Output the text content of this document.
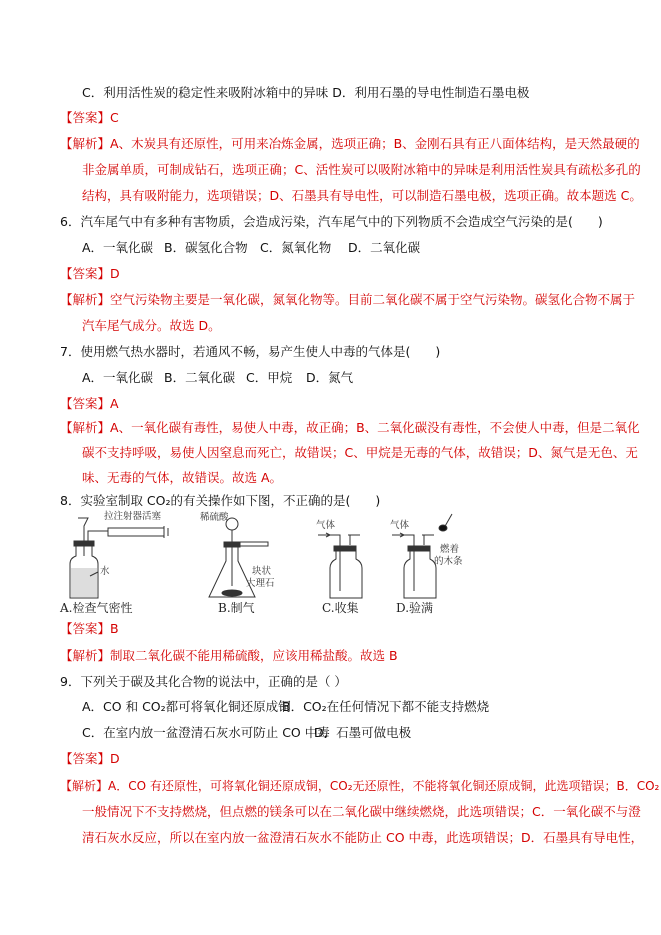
C．利用活性炭的稳定性来吸附冰箱中的异味 D．利用石墨的导电性制造石墨电极
【答案】C
【解析】A、木炭具有还原性，可用来冶炼金属，选项正确；B、金刚石具有正八面体结构，是天然最硬的
非金属单质，可制成钻石，选项正确；C、活性炭可以吸附冰箱中的异味是利用活性炭具有疏松多孔的
结构，具有吸附能力，选项错误；D、石墨具有导电性，可以制造石墨电极，选项正确。故本题选 C。
6．汽车尾气中有多种有害物质，会造成污染，汽车尾气中的下列物质不会造成空气污染的是(　　)
A．一氧化碳 B．碳氢化合物 C．氮氧化物 D．二氧化碳
【答案】D
【解析】空气污染物主要是一氧化碳，氮氧化物等。目前二氧化碳不属于空气污染物。碳氢化合物不属于
汽车尾气成分。故选 D。
7．使用燃气热水器时，若通风不畅，易产生使人中毒的气体是(　　)
A．一氧化碳 B．二氧化碳 C．甲烷 D．氮气
【答案】A
【解析】A、一氧化碳有毒性，易使人中毒，故正确；B、二氧化碳没有毒性，不会使人中毒，但是二氧化
碳不支持呼吸，易使人因窒息而死亡，故错误；C、甲烷是无毒的气体，故错误；D、氮气是无色、无
味、无毒的气体，故错误。故选 A。
8．实验室制取 CO₂的有关操作如下图，不正确的是(　　)
拉注射器活塞
水
A.检查气密性
稀硫酸
块状
大理石
B.制气
气体
C.收集
气体
燃着
的木条
D.验满
【答案】B
【解析】制取二氧化碳不能用稀硫酸，应该用稀盐酸。故选 B
9．下列关于碳及其化合物的说法中，正确的是（ ）
A．CO 和 CO₂都可将氧化铜还原成铜B．CO₂在任何情况下都不能支持燃烧
C．在室内放一盆澄清石灰水可防止 CO 中毒D．石墨可做电极
【答案】D
【解析】A．CO 有还原性，可将氧化铜还原成铜，CO₂无还原性，不能将氧化铜还原成铜，此选项错误；B．CO₂
一般情况下不支持燃烧，但点燃的镁条可以在二氧化碳中继续燃烧，此选项错误；C．一氧化碳不与澄
清石灰水反应，所以在室内放一盆澄清石灰水不能防止 CO 中毒，此选项错误；D．石墨具有导电性，
